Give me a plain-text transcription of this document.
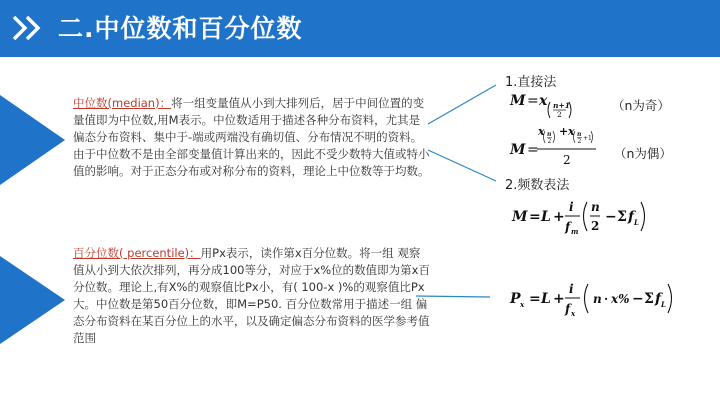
二.中位数和百分位数
中位数(median)：将一组变量值从小到大排列后，居于中间位置的变量值即为中位数,用M表示。中位数适用于描述各种分布资料，尤其是偏态分布资料、集中于-端或两端没有确切值、分布情况不明的资料。由于中位数不是由全部变量值计算出来的，因此不受少数特大值或特小值的影响。对于正态分布或对称分布的资料，理论上中位数等于均数。
百分位数( percentile)：用Px表示，读作第x百分位数。将一组 观察值从小到大依次排列，再分成100等分，对应于x%位的数值即为第x百分位数。理论上,有X%的观察值比Px小，有( 100-x )%的观察值比Px大。中位数是第50百分位数，即M=P50. 百分位数常用于描述一组 偏态分布资料在某百分位上的水平，以及确定偏态分布资料的医学参考值范围
1.直接法
（n为奇）
（n为偶）
2.频数表法
M = x n+1
2
M =
x n
2
+ x n
2 +1
2
M = L +
i
f m
n
2
− Σ f L
P x = L +
i
f x
n · x% − Σ f L
